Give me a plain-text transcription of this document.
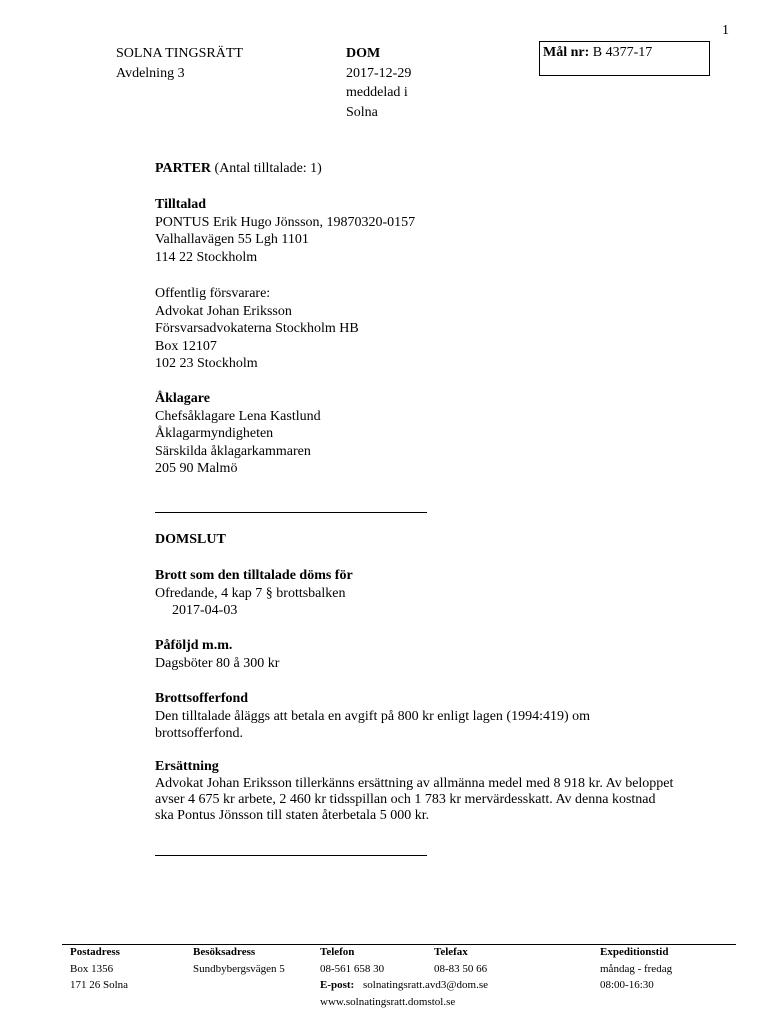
1
SOLNA TINGSRÄTT
Avdelning 3
DOM
2017-12-29
meddelad i
Solna
Mål nr: B 4377-17
PARTER (Antal tilltalade: 1)
Tilltalad
PONTUS Erik Hugo Jönsson, 19870320-0157
Valhallavägen 55 Lgh 1101
114 22 Stockholm
Offentlig försvarare:
Advokat Johan Eriksson
Försvarsadvokaterna Stockholm HB
Box 12107
102 23 Stockholm
Åklagare
Chefsåklagare Lena Kastlund
Åklagarmyndigheten
Särskilda åklagarkammaren
205 90 Malmö
DOMSLUT
Brott som den tilltalade döms för
Ofredande, 4 kap 7 § brottsbalken
2017-04-03
Påföljd m.m.
Dagsböter 80 å 300 kr
Brottsofferfond
Den tilltalade åläggs att betala en avgift på 800 kr enligt lagen (1994:419) om
brottsofferfond.
Ersättning
Advokat Johan Eriksson tillerkänns ersättning av allmänna medel med 8 918 kr. Av beloppet
avser 4 675 kr arbete, 2 460 kr tidsspillan och 1 783 kr mervärdesskatt. Av denna kostnad
ska Pontus Jönsson till staten återbetala 5 000 kr.
Postadress
Box 1356
171 26 Solna
Besöksadress
Sundbybergsvägen 5
Telefon
08-561 658 30
E-post: solnatingsratt.avd3@dom.se
www.solnatingsratt.domstol.se
Telefax
08-83 50 66
Expeditionstid
måndag - fredag
08:00-16:30
